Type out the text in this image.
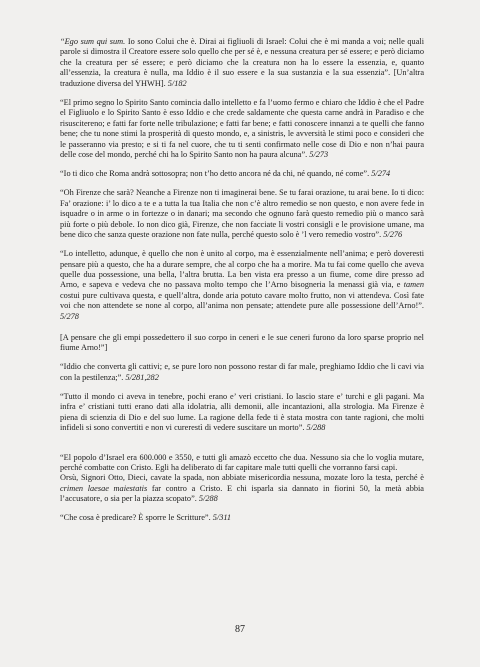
“Ego sum qui sum. Io sono Colui che è. Dirai ai figliuoli di Israel: Colui che è mi manda a voi; nelle quali parole si dimostra il Creatore essere solo quello che per sé è, e nessuna creatura per sé essere; e però diciamo che la creatura per sé essere; e però diciamo che la creatura non ha lo essere la essenzia, e, quanto all’essenzia, la creatura è nulla, ma Iddio è il suo essere e la sua sustanzia e la sua essenzia”. [Un’altra traduzione diversa del YHWH]. 5/182

“El primo segno lo Spirito Santo comincia dallo intelletto e fa l’uomo fermo e chiaro che Iddio è che el Padre el Figliuolo e lo Spirito Santo è esso Iddio e che crede saldamente che questa carne andrà in Paradiso e che risuscitereno; e fatti far forte nelle tribulazione; e fatti far bene; e fatti conoscere innanzi a te quelli che fanno bene; che tu none stimi la prosperità di questo mondo, e, a sinistris, le avversità le stimi poco e consideri che le passeranno via presto; e si ti fa nel cuore, che tu ti senti confirmato nelle cose di Dio e non n’hai paura delle cose del mondo, perché chi ha lo Spirito Santo non ha paura alcuna”. 5/273

“Io ti dico che Roma andrà sottosopra; non t’ho detto ancora né da chi, né quando, né come”. 5/274

“Oh Firenze che sarà? Neanche a Firenze non ti imaginerai bene. Se tu farai orazione, tu arai bene. Io ti dico: Fa’ orazione: i’ lo dico a te e a tutta la tua Italia che non c’è altro remedio se non questo, e non avere fede in isquadre o in arme o in fortezze o in danari; ma secondo che ognuno farà questo remedio più o manco sarà più forte o più debole. Io non dico già, Firenze, che non facciate li vostri consigli e le provisione umane, ma bene dico che sanza queste orazione non fate nulla, perché questo solo è ’l vero remedio vostro”. 5/276

“Lo intelletto, adunque, è quello che non è unito al corpo, ma è essenzialmente nell’anima; e però doveresti pensare più a questo, che ha a durare sempre, che al corpo che ha a morire. Ma tu fai come quello che aveva quelle dua possessione, una bella, l’altra brutta. La ben vista era presso a un fiume, come dire presso ad Arno, e sapeva e vedeva che no passava molto tempo che l’Arno bisogneria la menassi già via, e tamen costui pure cultivava questa, e quell’altra, donde aria potuto cavare molto frutto, non vi attendeva. Così fate voi che non attendete se none al corpo, all’anima non pensate; attendete pure alle possessione dell’Arno!”. 5/278

[A pensare che gli empi possedettero il suo corpo in ceneri e le sue ceneri furono da loro sparse proprio nel fiume Arno!”]

“Iddio che converta gli cattivi; e, se pure loro non possono restar di far male, preghiamo Iddio che li cavi via con la pestilenza;”. 5/281,282

“Tutto il mondo ci aveva in tenebre, pochi erano e’ veri cristiani. Io lascio stare e’ turchi e gli pagani. Ma infra e’ cristiani tutti erano dati alla idolatria, alli demonii, alle incantazioni, alla strologia. Ma Firenze è piena di scienzia di Dio e del suo lume. La ragione della fede ti è stata mostra con tante ragioni, che molti infideli si sono convertiti e non vi curerestì di vedere suscitare un morto”. 5/288

“El popolo d’Israel era 600.000 e 3550, e tutti gli amazò eccetto che dua. Nessuno sia che lo voglia mutare, perché combatte con Cristo. Egli ha deliberato di far capitare male tutti quelli che vorranno farsi capi.
Orsù, Signori Otto, Dieci, cavate la spada, non abbiate misericordia nessuna, mozate loro la testa, perché è crimen laesae maiestatis far contro a Cristo. E chi isparla sia dannato in fiorini 50, la metà abbia l’accusatore, o sia per la piazza scopato”. 5/288

“Che cosa è predicare? È sporre le Scritture”. 5/311

87
